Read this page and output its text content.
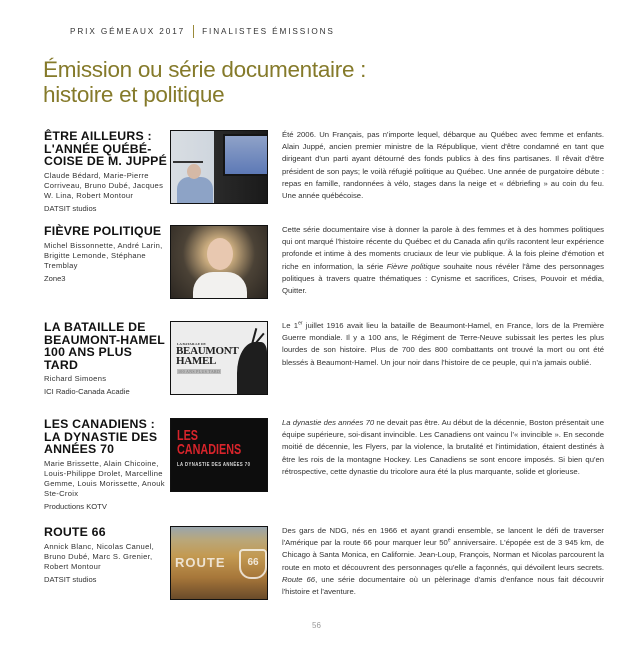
PRIX GÉMEAUX 2017 FINALISTES ÉMISSIONS
Émission ou série documentaire :
histoire et politique
ÊTRE AILLEURS :
L'ANNÉE QUÉBÉ-
COISE DE M. JUPPÉ
Claude Bédard, Marie-Pierre Corriveau, Bruno Dubé, Jacques W. Lina, Robert Montour
DATSIT studios
Été 2006. Un Français, pas n'importe lequel, débarque au Québec avec femme et enfants. Alain Juppé, ancien premier ministre de la République, vient d'être condamné en tant que dirigeant d'un parti ayant détourné des fonds publics à des fins partisanes. Il rêvait d'être président de son pays; le voilà réfugié politique au Québec. Une année de purgatoire débute : repas en famille, randonnées à vélo, stages dans la neige et « débriefing » au coin du feu. Une année québécoise.
FIÈVRE POLITIQUE
Michel Bissonnette, André Larin, Brigitte Lemonde, Stéphane Tremblay
Zone3
Cette série documentaire vise à donner la parole à des femmes et à des hommes politiques qui ont marqué l'histoire récente du Québec et du Canada afin qu'ils racontent leur expérience profonde et intime à des moments cruciaux de leur vie publique. À la fois pleine d'émotion et riche en information, la série Fièvre politique souhaite nous révéler l'âme des personnages politiques à travers quatre thématiques : Cynisme et sacrifices, Crises, Pouvoir et média, Quitter.
LA BATAILLE DE
BEAUMONT-HAMEL
100 ANS PLUS TARD
Richard Simoens
ICI Radio-Canada Acadie
LA BATAILLE DE
BEAUMONT
HAMEL
100 ANS PLUS TARD
Le 1er juillet 1916 avait lieu la bataille de Beaumont-Hamel, en France, lors de la Première Guerre mondiale. Il y a 100 ans, le Régiment de Terre-Neuve subissait les pertes les plus lourdes de son histoire. Plus de 700 des 800 combattants ont trouvé la mort ou ont été blessés à Beaumont-Hamel. Un jour noir dans l'histoire de ce peuple, qui n'a jamais oublié.
LES CANADIENS :
LA DYNASTIE DES
ANNÉES 70
Marie Brissette, Alain Chicoine, Louis-Philippe Drolet, Marcelline Gemme, Louis Morissette, Anouk Ste-Croix
Productions KOTV
LES
CANADIENS
LA DYNASTIE DES ANNÉES 70
La dynastie des années 70 ne devait pas être. Au début de la décennie, Boston présentait une équipe supérieure, soi-disant invincible. Les Canadiens ont vaincu l'« invincible ». En seconde moitié de décennie, les Flyers, par la violence, la brutalité et l'intimidation, étaient destinés à être les rois de la montagne Hockey. Les Canadiens se sont encore imposés. Si bien qu'en rétrospective, cette dynastie du tricolore aura été la plus marquante, solide et glorieuse.
ROUTE 66
Annick Blanc, Nicolas Canuel, Bruno Dubé, Marc S. Grenier, Robert Montour
DATSIT studios
ROUTE	66
Des gars de NDG, nés en 1966 et ayant grandi ensemble, se lancent le défi de traverser l'Amérique par la route 66 pour marquer leur 50e anniversaire. L'épopée est de 3 945 km, de Chicago à Santa Monica, en Californie. Jean-Loup, François, Norman et Nicolas parcourent la route en moto et découvrent des personnages qu'elle a façonnés, qui dévoilent leurs secrets. Route 66, une série documentaire où un pèlerinage d'amis d'enfance nous fait découvrir l'histoire et l'aventure.
56
